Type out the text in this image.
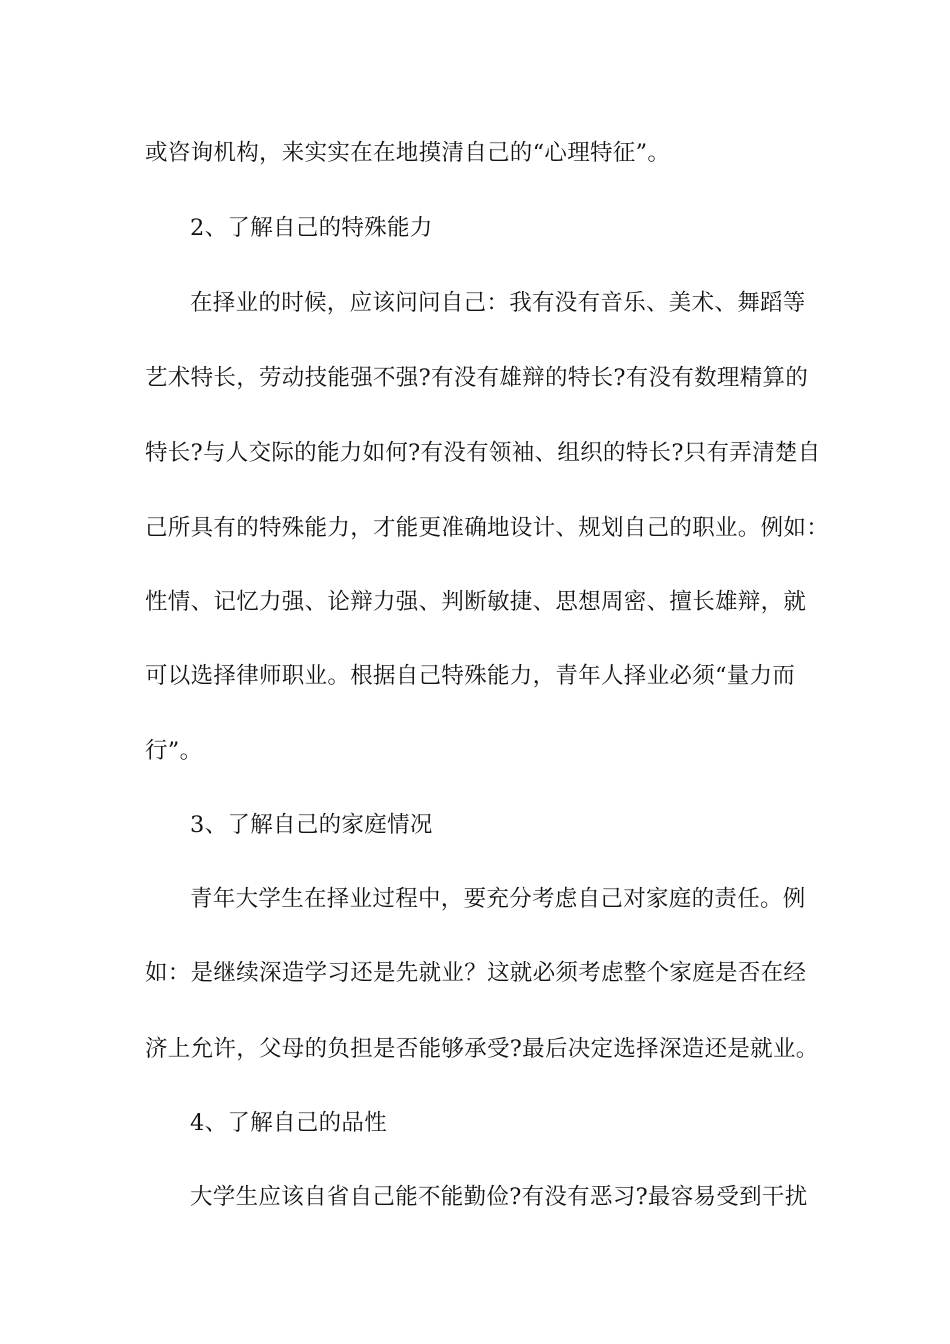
或咨询机构，来实实在在地摸清自己的“心理特征”。
2、了解自己的特殊能力
在择业的时候，应该问问自己：我有没有音乐、美术、舞蹈等
艺术特长，劳动技能强不强?有没有雄辩的特长?有没有数理精算的
特长?与人交际的能力如何?有没有领袖、组织的特长?只有弄清楚自
己所具有的特殊能力，才能更准确地设计、规划自己的职业。例如：
性情、记忆力强、论辩力强、判断敏捷、思想周密、擅长雄辩，就
可以选择律师职业。根据自己特殊能力，青年人择业必须“量力而
行”。
3、了解自己的家庭情况
青年大学生在择业过程中，要充分考虑自己对家庭的责任。例
如：是继续深造学习还是先就业？这就必须考虑整个家庭是否在经
济上允许，父母的负担是否能够承受?最后决定选择深造还是就业。
4、了解自己的品性
大学生应该自省自己能不能勤俭?有没有恶习?最容易受到干扰
